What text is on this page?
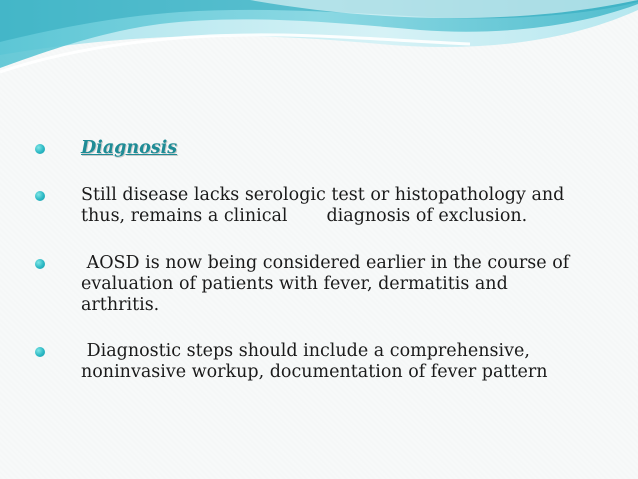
Diagnosis
Still disease lacks serologic test or histopathology and
thus, remains a clinical       diagnosis of exclusion.
AOSD is now being considered earlier in the course of
evaluation of patients with fever, dermatitis and
arthritis.
Diagnostic steps should include a comprehensive,
noninvasive workup, documentation of fever pattern
